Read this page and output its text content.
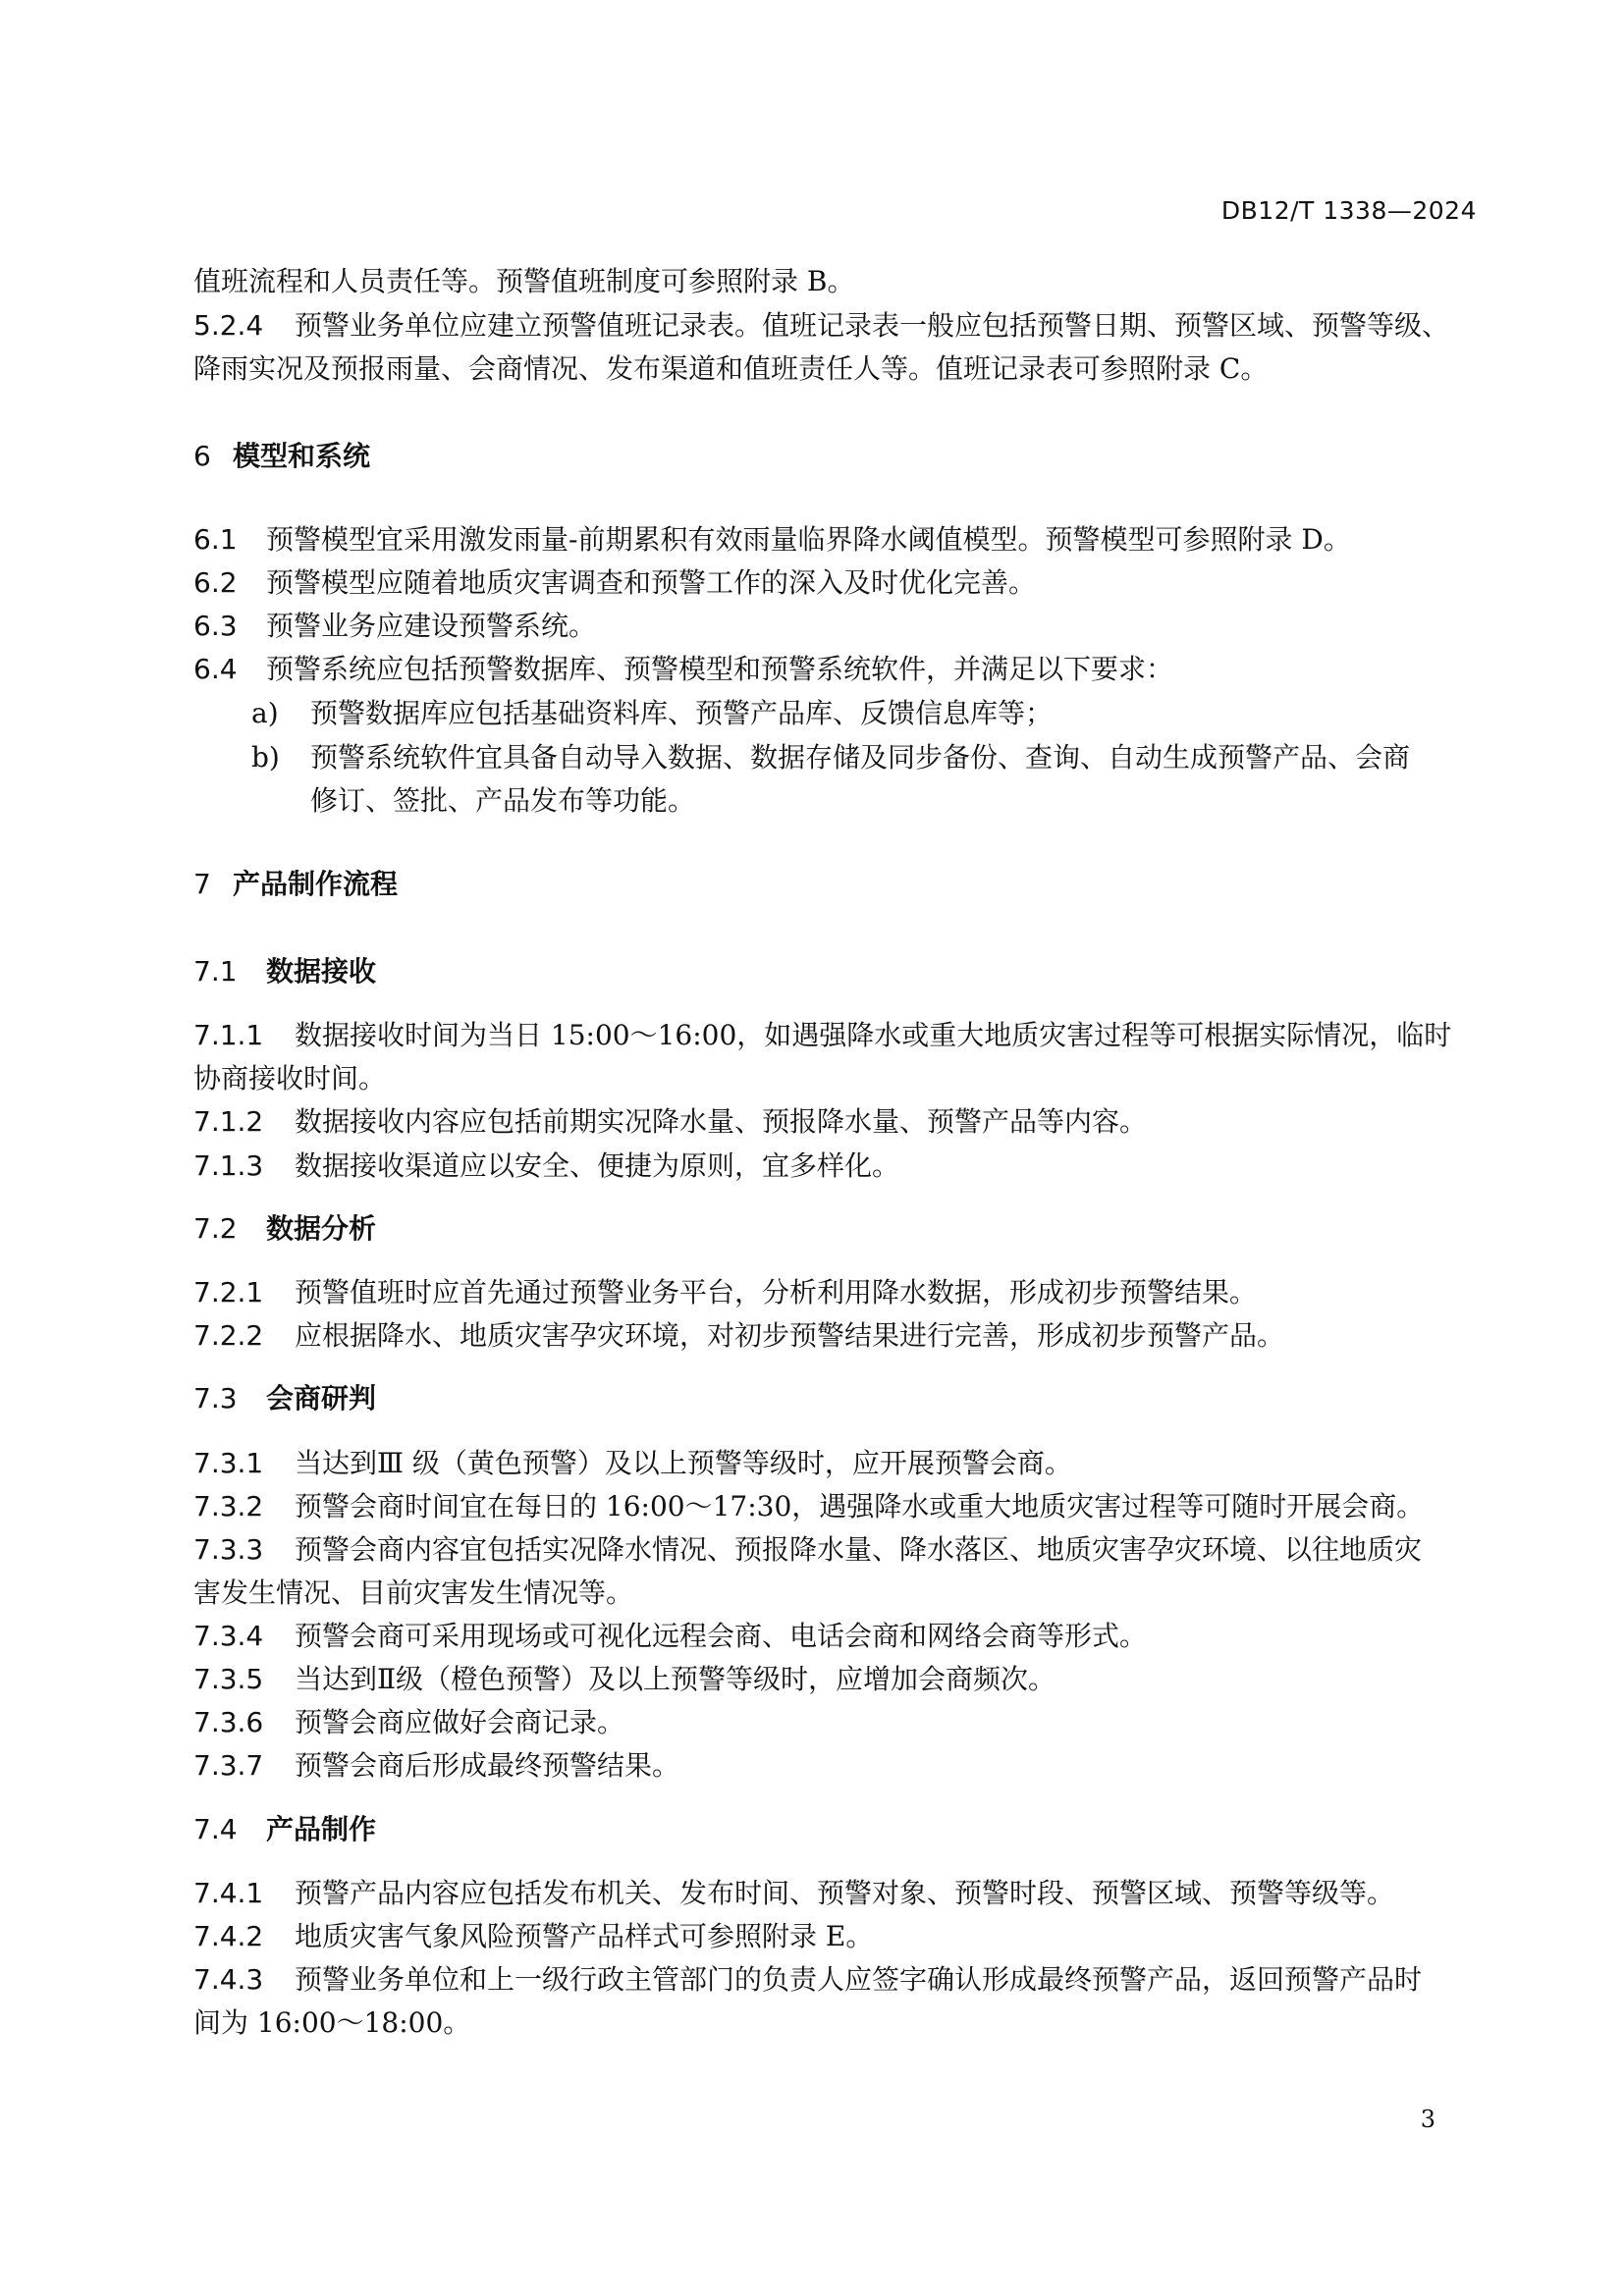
DB12/T 1338—2024
值班流程和人员责任等。预警值班制度可参照附录 B。
5.2.4 预警业务单位应建立预警值班记录表。值班记录表一般应包括预警日期、预警区域、预警等级、
降雨实况及预报雨量、会商情况、发布渠道和值班责任人等。值班记录表可参照附录 C。
6 模型和系统
6.1 预警模型宜采用激发雨量-前期累积有效雨量临界降水阈值模型。预警模型可参照附录 D。
6.2 预警模型应随着地质灾害调查和预警工作的深入及时优化完善。
6.3 预警业务应建设预警系统。
6.4 预警系统应包括预警数据库、预警模型和预警系统软件，并满足以下要求：
a) 预警数据库应包括基础资料库、预警产品库、反馈信息库等；
b) 预警系统软件宜具备自动导入数据、数据存储及同步备份、查询、自动生成预警产品、会商
修订、签批、产品发布等功能。
7 产品制作流程
7.1 数据接收
7.1.1 数据接收时间为当日 15:00～16:00，如遇强降水或重大地质灾害过程等可根据实际情况，临时
协商接收时间。
7.1.2 数据接收内容应包括前期实况降水量、预报降水量、预警产品等内容。
7.1.3 数据接收渠道应以安全、便捷为原则，宜多样化。
7.2 数据分析
7.2.1 预警值班时应首先通过预警业务平台，分析利用降水数据，形成初步预警结果。
7.2.2 应根据降水、地质灾害孕灾环境，对初步预警结果进行完善，形成初步预警产品。
7.3 会商研判
7.3.1 当达到Ⅲ 级（黄色预警）及以上预警等级时，应开展预警会商。
7.3.2 预警会商时间宜在每日的 16:00～17:30，遇强降水或重大地质灾害过程等可随时开展会商。
7.3.3 预警会商内容宜包括实况降水情况、预报降水量、降水落区、地质灾害孕灾环境、以往地质灾
害发生情况、目前灾害发生情况等。
7.3.4 预警会商可采用现场或可视化远程会商、电话会商和网络会商等形式。
7.3.5 当达到Ⅱ级（橙色预警）及以上预警等级时，应增加会商频次。
7.3.6 预警会商应做好会商记录。
7.3.7 预警会商后形成最终预警结果。
7.4 产品制作
7.4.1 预警产品内容应包括发布机关、发布时间、预警对象、预警时段、预警区域、预警等级等。
7.4.2 地质灾害气象风险预警产品样式可参照附录 E。
7.4.3 预警业务单位和上一级行政主管部门的负责人应签字确认形成最终预警产品，返回预警产品时
间为 16:00～18:00。
3
